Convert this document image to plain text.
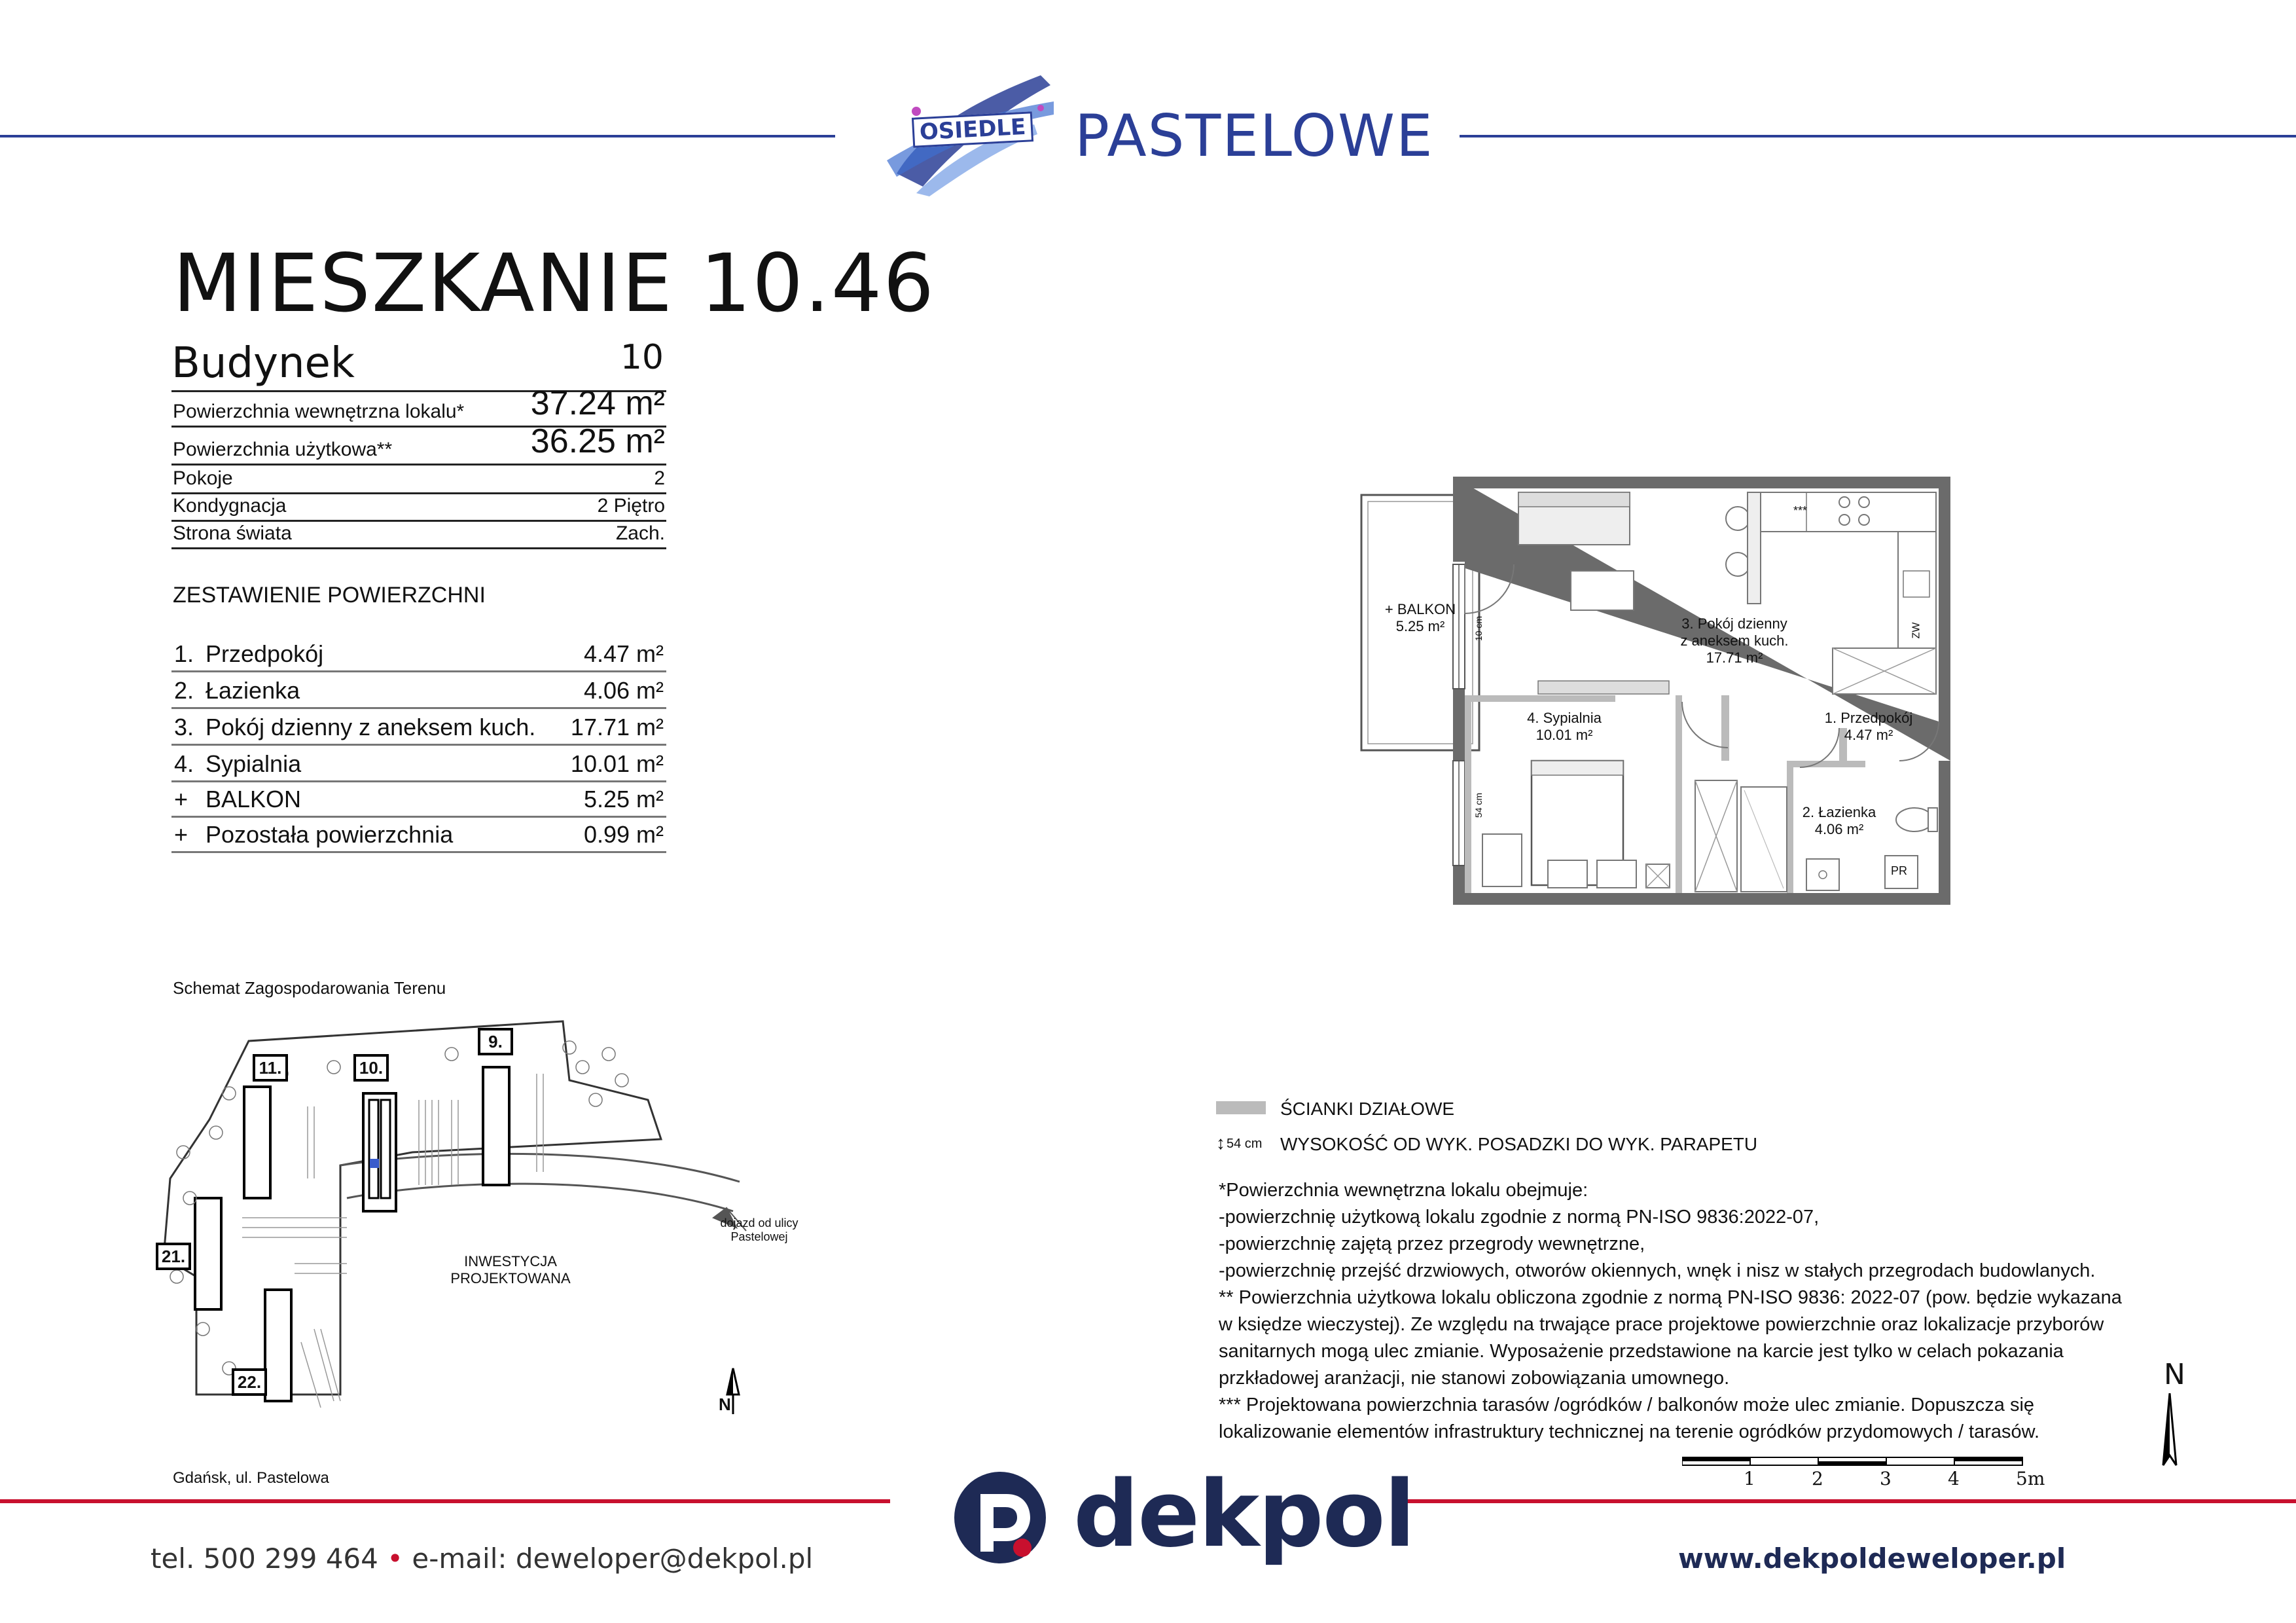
OSIEDLE PASTELOWE
MIESZKANIE 10.46
Budynek	10
Powierzchnia wewnętrzna lokalu* 37.24 m²
Powierzchnia użytkowa**	36.25 m²
Pokoje	2
Kondygnacja	2 Piętro
Strona świata	Zach.
ZESTAWIENIE POWIERZCHNI
1. Przedpokój	4.47 m²
2. Łazienka	4.06 m²
3. Pokój dzienny z aneksem kuch. 17.71 m²
4. Sypialnia	10.01 m²
+ BALKON	5.25 m²
+ Pozostała powierzchnia	0.99 m²
+ BALKON
5.25 m²	3. Pokój dzienny
z aneksem kuch.
17.71 m²
4. Sypialnia
10.01 m²
1. Przedpokój
4.47 m²
2. Łazienka
4.06 m²
10 cm
54 cm
***
ZW
PR
Schemat Zagospodarowania Terenu
11.	10.
9.
21.
22.
INWESTYCJA
PROJEKTOWANA
dojazd od ulicy
Pastelowej
N
Gdańsk, ul. Pastelowa
ŚCIANKI DZIAŁOWE
↕ 54 cm WYSOKOŚĆ OD WYK. POSADZKI DO WYK. PARAPETU
*Powierzchnia wewnętrzna lokalu obejmuje:
-powierzchnię użytkową lokalu zgodnie z normą PN-ISO 9836:2022-07,
-powierzchnię zajętą przez przegrody wewnętrzne,
-powierzchnię przejść drzwiowych, otworów okiennych, wnęk i nisz w stałych przegrodach budowlanych.
** Powierzchnia użytkowa lokalu obliczona zgodnie z normą PN-ISO 9836: 2022-07 (pow. będzie wykazana
w księdze wieczystej). Ze względu na trwające prace projektowe powierzchnie oraz lokalizacje przyborów
sanitarnych mogą ulec zmianie. Wyposażenie przedstawione na karcie jest tylko w celach pokazania
przkładowej aranżacji, nie stanowi zobowiązania umownego.
*** Projektowana powierzchnia tarasów /ogródków / balkonów może ulec zmianie. Dopuszcza się
lokalizowanie elementów infrastruktury technicznej na terenie ogródków przydomowych / tarasów.
N
1	2	3	4	5m
dekpol
tel. 500 299 464 • e-mail: deweloper@dekpol.pl	www.dekpoldeweloper.pl
